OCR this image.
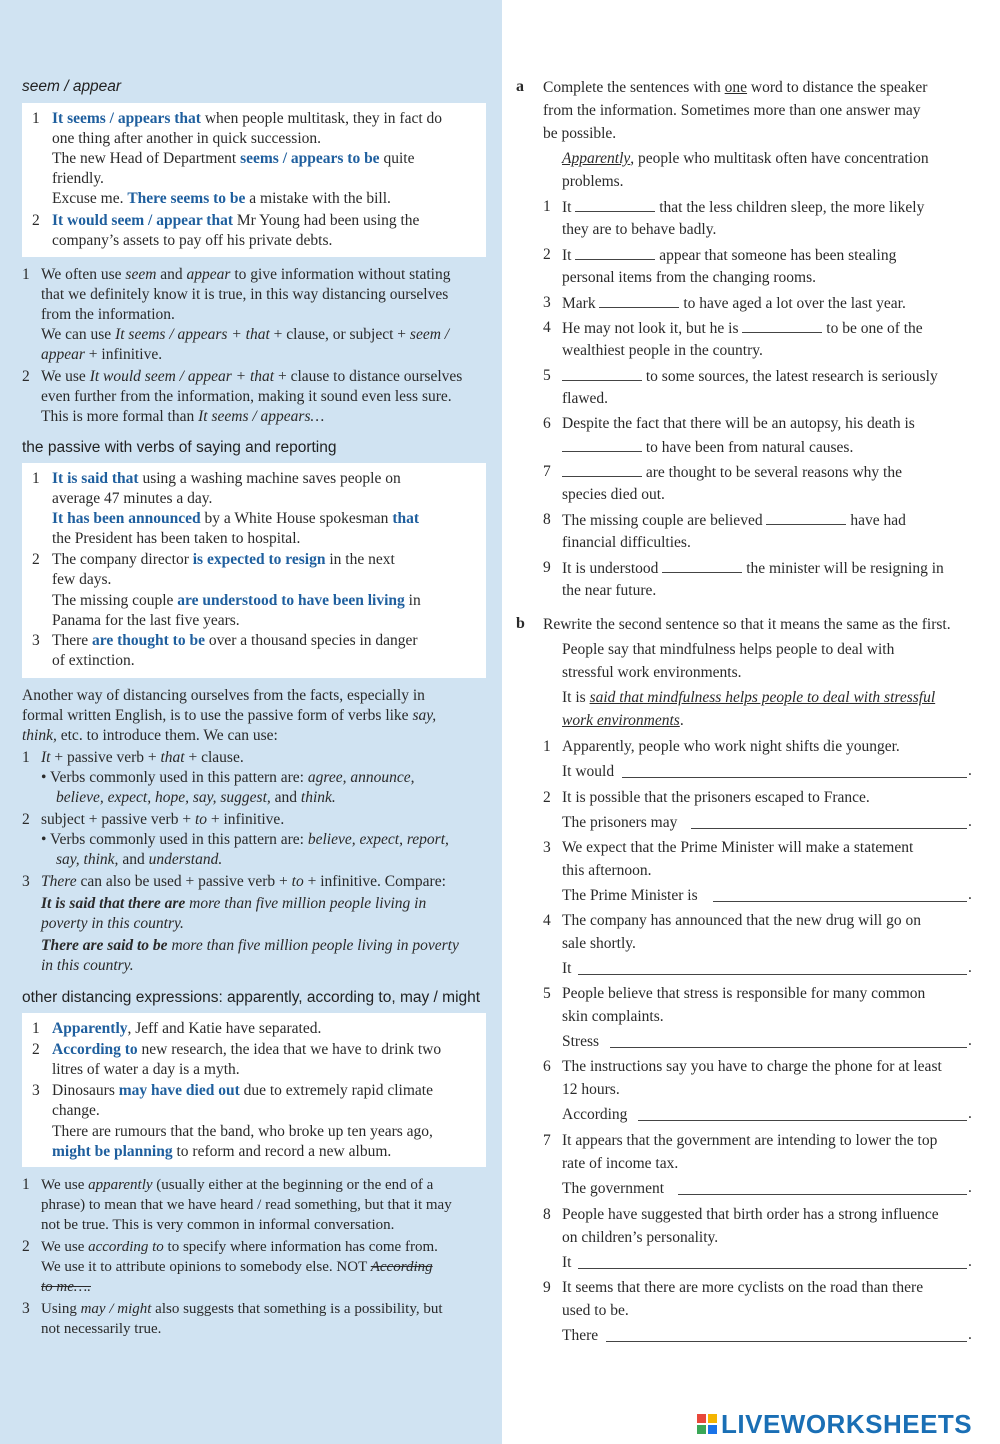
seem / appear
1 It seems / appears that when people multitask, they in fact do
one thing after another in quick succession.
The new Head of Department seems / appears to be quite
friendly.
Excuse me. There seems to be a mistake with the bill.
2 It would seem / appear that Mr Young had been using the
company’s assets to pay off his private debts.
1 We often use seem and appear to give information without stating
that we definitely know it is true, in this way distancing ourselves
from the information.
We can use It seems / appears + that + clause, or subject + seem /
appear + infinitive.
2 We use It would seem / appear + that + clause to distance ourselves
even further from the information, making it sound even less sure.
This is more formal than It seems / appears…
the passive with verbs of saying and reporting
1 It is said that using a washing machine saves people on
average 47 minutes a day.
It has been announced by a White House spokesman that
the President has been taken to hospital.
2 The company director is expected to resign in the next
few days.
The missing couple are understood to have been living in
Panama for the last five years.
3 There are thought to be over a thousand species in danger
of extinction.
Another way of distancing ourselves from the facts, especially in
formal written English, is to use the passive form of verbs like say,
think, etc. to introduce them. We can use:
1 It + passive verb + that + clause.
• Verbs commonly used in this pattern are: agree, announce,
believe, expect, hope, say, suggest, and think.
2 subject + passive verb + to + infinitive.
• Verbs commonly used in this pattern are: believe, expect, report,
say, think, and understand.
3 There can also be used + passive verb + to + infinitive. Compare:
It is said that there are more than five million people living in
poverty in this country.
There are said to be more than five million people living in poverty
in this country.
other distancing expressions: apparently, according to, may / might
1 Apparently, Jeff and Katie have separated.
2 According to new research, the idea that we have to drink two
litres of water a day is a myth.
3 Dinosaurs may have died out due to extremely rapid climate
change.
There are rumours that the band, who broke up ten years ago,
might be planning to reform and record a new album.
1 We use apparently (usually either at the beginning or the end of a
phrase) to mean that we have heard / read something, but that it may
not be true. This is very common in informal conversation.
2 We use according to to specify where information has come from.
We use it to attribute opinions to somebody else. NOT According
to me….
3 Using may / might also suggests that something is a possibility, but
not necessarily true.
a Complete the sentences with one word to distance the speaker
from the information. Sometimes more than one answer may
be possible.
Apparently, people who multitask often have concentration
problems.
1 It	that the less children sleep, the more likely
they are to behave badly.
2 It	appear that someone has been stealing
personal items from the changing rooms.
3 Mark	to have aged a lot over the last year.
4 He may not look it, but he is	to be one of the
wealthiest people in the country.
5	to some sources, the latest research is seriously
flawed.
6 Despite the fact that there will be an autopsy, his death is
to have been from natural causes.
7	are thought to be several reasons why the
species died out.
8 The missing couple are believed	have had
financial difficulties.
9 It is understood	the minister will be resigning in
the near future.
b Rewrite the second sentence so that it means the same as the first.
People say that mindfulness helps people to deal with
stressful work environments.
It is said that mindfulness helps people to deal with stressful
work environments.
1 Apparently, people who work night shifts die younger.
It would	.
2 It is possible that the prisoners escaped to France.
The prisoners may	.
3 We expect that the Prime Minister will make a statement
this afternoon.
The Prime Minister is	.
4 The company has announced that the new drug will go on
sale shortly.
It	.
5 People believe that stress is responsible for many common
skin complaints.
Stress	.
6 The instructions say you have to charge the phone for at least
12 hours.
According	.
7 It appears that the government are intending to lower the top
rate of income tax.
The government	.
8 People have suggested that birth order has a strong influence
on children’s personality.
It	.
9 It seems that there are more cyclists on the road than there
used to be.
There	.
LIVEWORKSHEETS
